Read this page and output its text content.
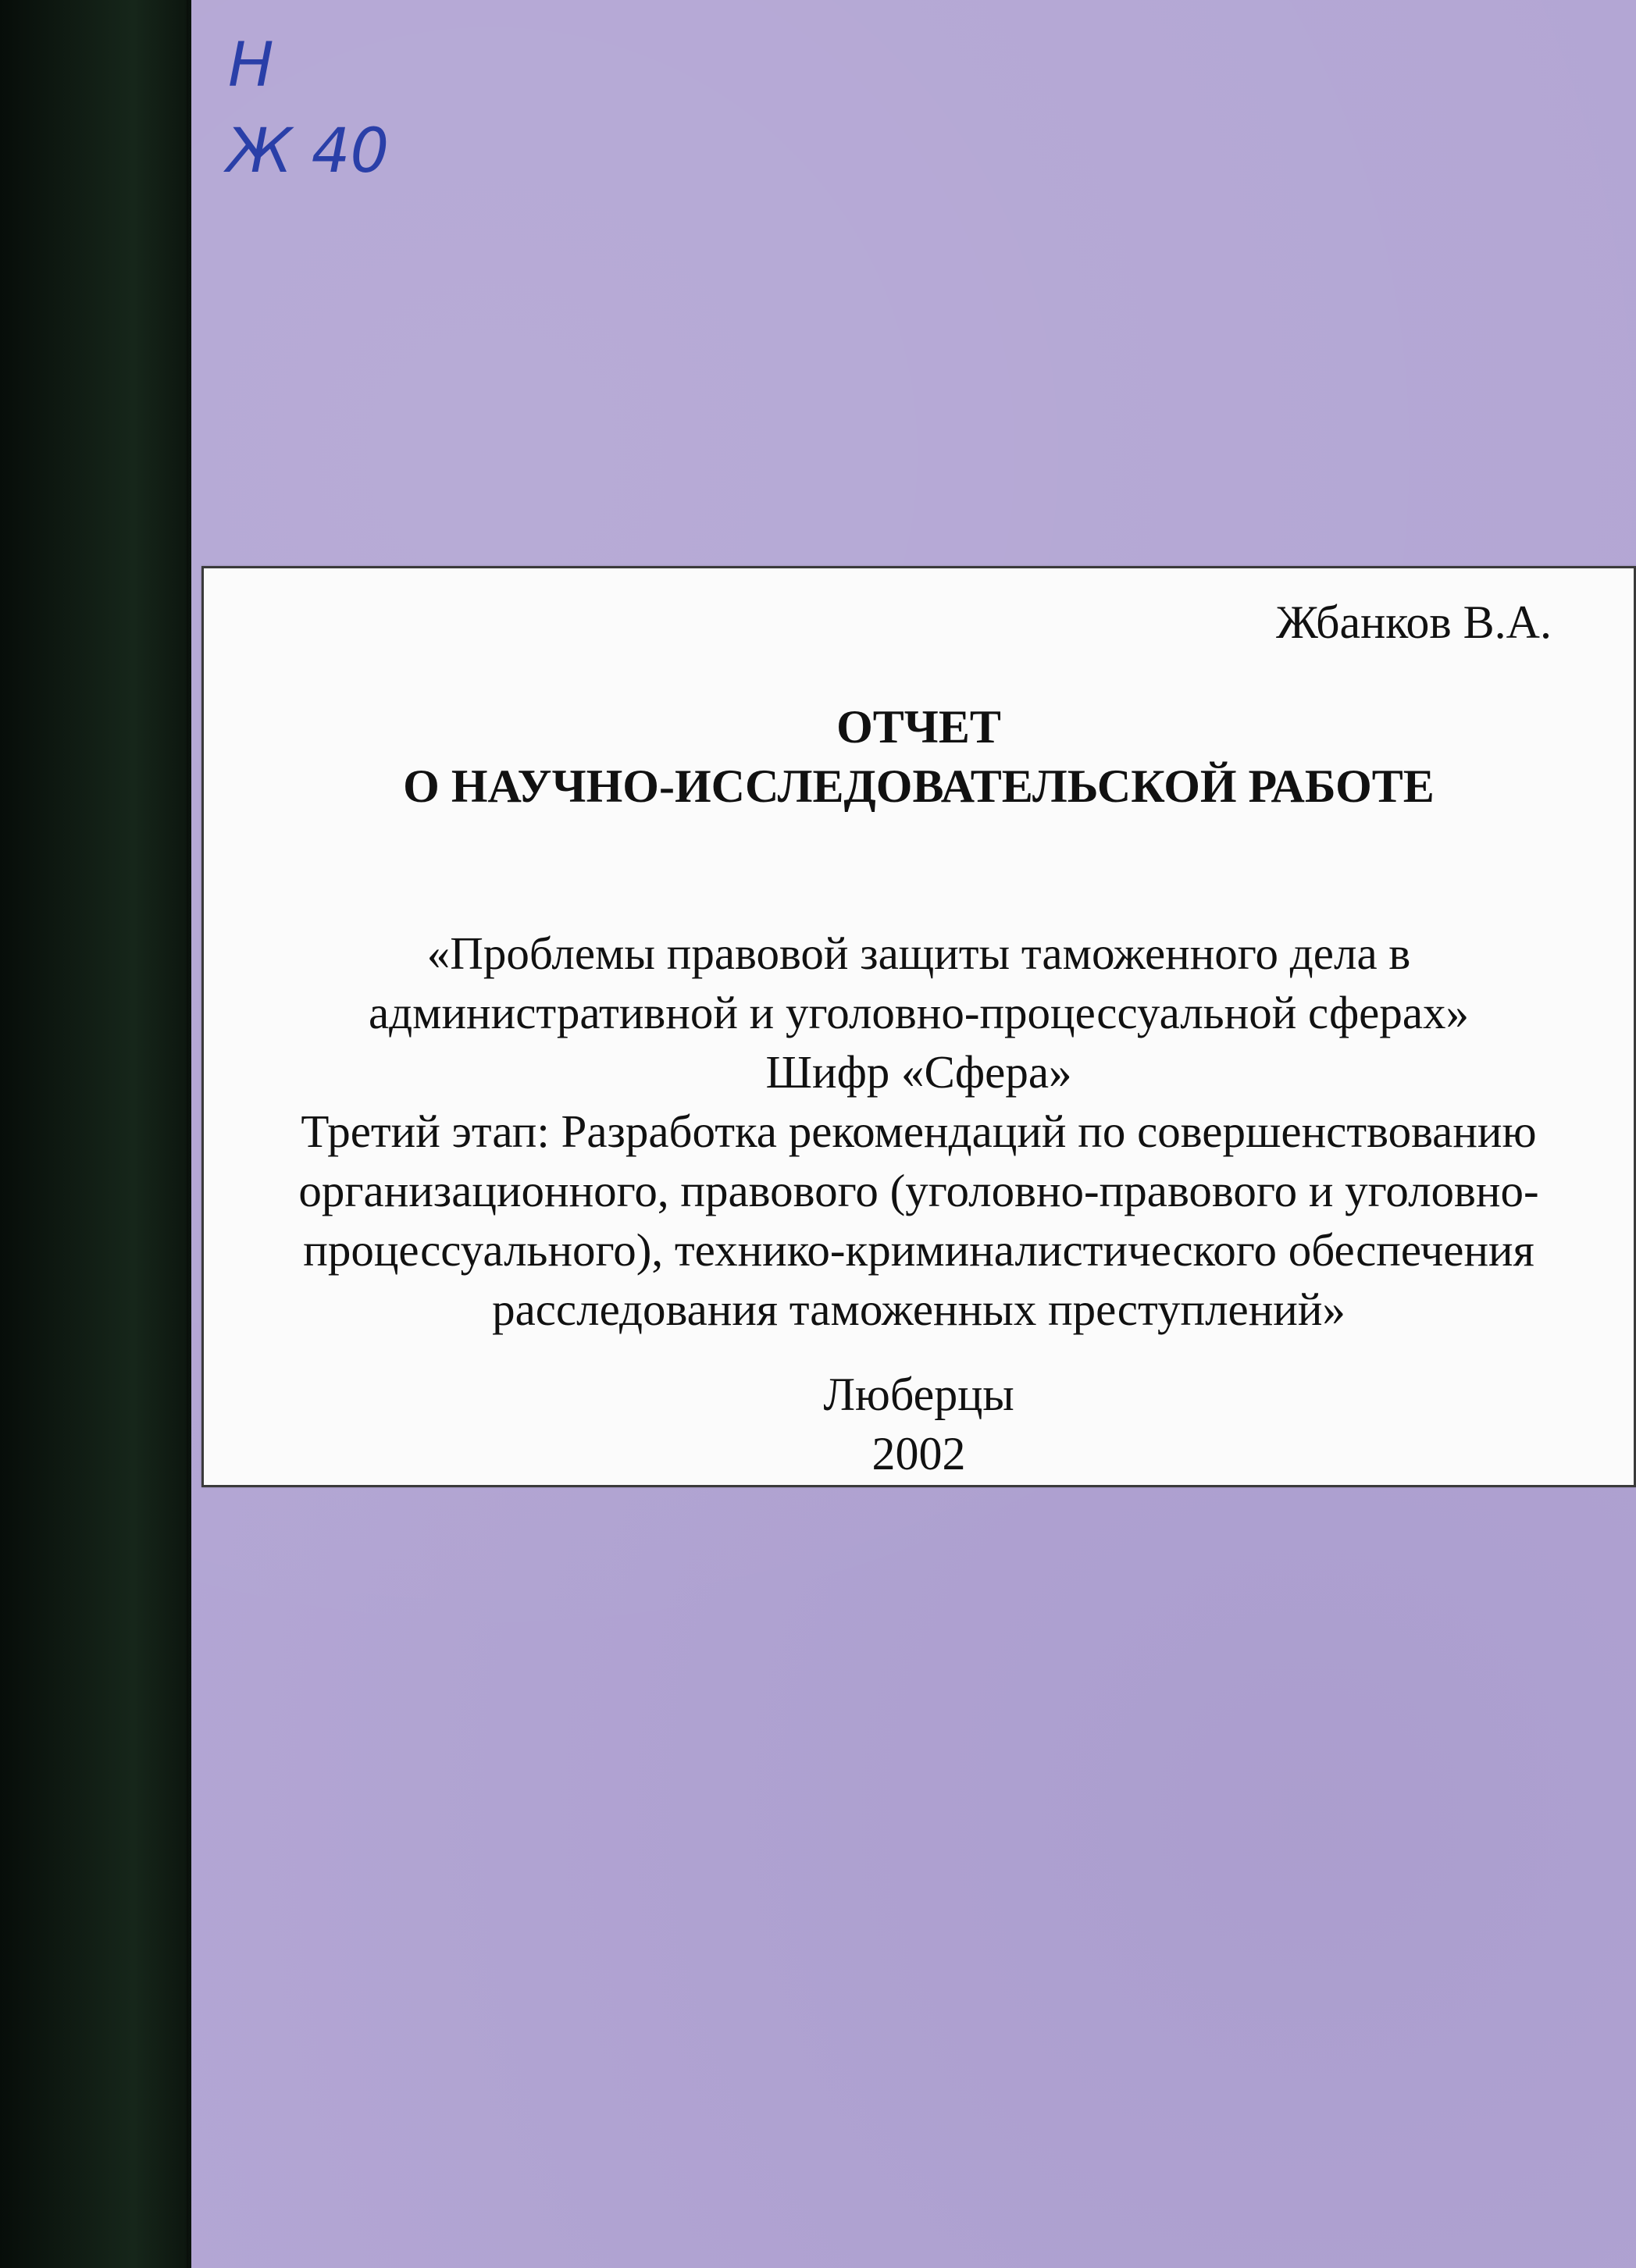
Н
Ж 40

Жбанков В.А.

ОТЧЕТ
О НАУЧНО-ИССЛЕДОВАТЕЛЬСКОЙ РАБОТЕ
«Проблемы правовой защиты таможенного дела в
административной и уголовно-процессуальной сферах»
Шифр «Сфера»
Третий этап: Разработка рекомендаций по совершенствованию
организационного, правового (уголовно-правового и уголовно-
процессуального), технико-криминалистического обеспечения
расследования таможенных преступлений»
Люберцы
2002
